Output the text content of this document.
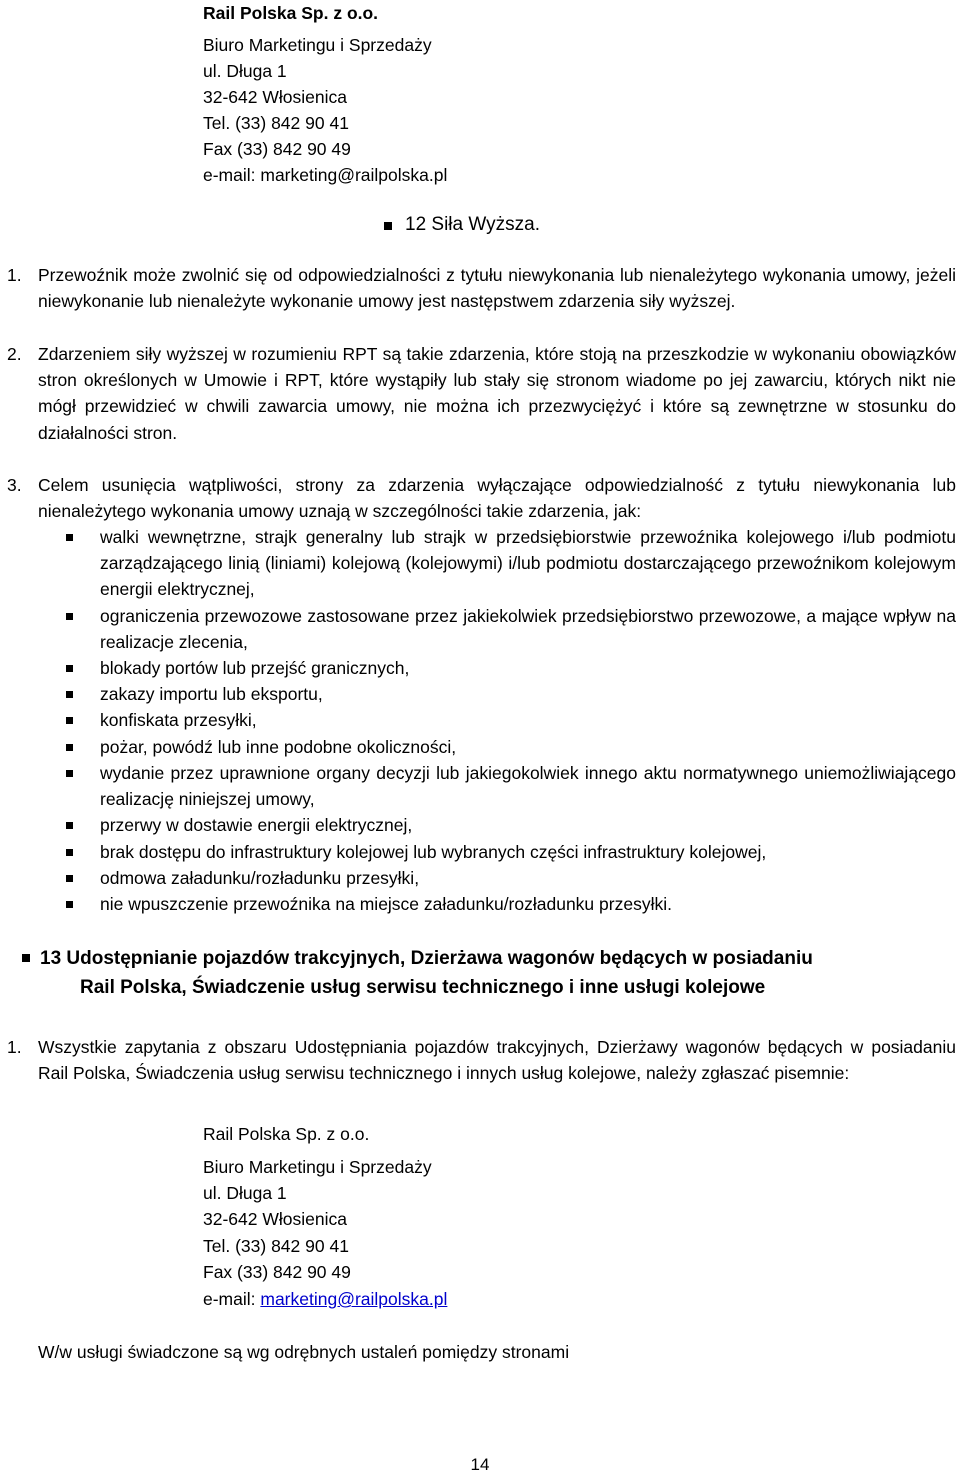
Rail Polska Sp. z o.o.
Biuro Marketingu i Sprzedaży
ul. Długa 1
32-642 Włosienica
Tel. (33) 842 90 41
Fax (33) 842 90 49
e-mail: marketing@railpolska.pl
12 Siła Wyższa.
1. Przewoźnik może zwolnić się od odpowiedzialności z tytułu niewykonania lub nienależytego wykonania umowy, jeżeli niewykonanie lub nienależyte wykonanie umowy jest następstwem zdarzenia siły wyższej.
2. Zdarzeniem siły wyższej w rozumieniu RPT są takie zdarzenia, które stoją na przeszkodzie w wykonaniu obowiązków stron określonych w Umowie i RPT, które wystąpiły lub stały się stronom wiadome po jej zawarciu, których nikt nie mógł przewidzieć w chwili zawarcia umowy, nie można ich przezwyciężyć i które są zewnętrzne w stosunku do działalności stron.
3. Celem usunięcia wątpliwości, strony za zdarzenia wyłączające odpowiedzialność z tytułu niewykonania lub nienależytego wykonania umowy uznają w szczególności takie zdarzenia, jak:
walki wewnętrzne, strajk generalny lub strajk w przedsiębiorstwie przewoźnika kolejowego i/lub podmiotu zarządzającego linią (liniami) kolejową (kolejowymi) i/lub podmiotu dostarczającego przewoźnikom kolejowym energii elektrycznej,
ograniczenia przewozowe zastosowane przez jakiekolwiek przedsiębiorstwo przewozowe, a mające wpływ na realizacje zlecenia,
blokady portów lub przejść granicznych,
zakazy importu lub eksportu,
konfiskata przesyłki,
pożar, powódź lub inne podobne okoliczności,
wydanie przez uprawnione organy decyzji lub jakiegokolwiek innego aktu normatywnego uniemożliwiającego realizację niniejszej umowy,
przerwy w dostawie energii elektrycznej,
brak dostępu do infrastruktury kolejowej lub wybranych części infrastruktury kolejowej,
odmowa załadunku/rozładunku przesyłki,
nie wpuszczenie przewoźnika na miejsce załadunku/rozładunku przesyłki.
13 Udostępnianie pojazdów trakcyjnych, Dzierżawa wagonów będących w posiadaniu
Rail Polska, Świadczenie usług serwisu technicznego i inne usługi kolejowe
1. Wszystkie zapytania z obszaru Udostępniania pojazdów trakcyjnych, Dzierżawy wagonów będących w posiadaniu Rail Polska, Świadczenia usług serwisu technicznego i innych usług kolejowe, należy zgłaszać pisemnie:
Rail Polska Sp. z o.o.
Biuro Marketingu i Sprzedaży
ul. Długa 1
32-642 Włosienica
Tel. (33) 842 90 41
Fax (33) 842 90 49
e-mail: marketing@railpolska.pl
W/w usługi świadczone są wg odrębnych ustaleń pomiędzy stronami
14
